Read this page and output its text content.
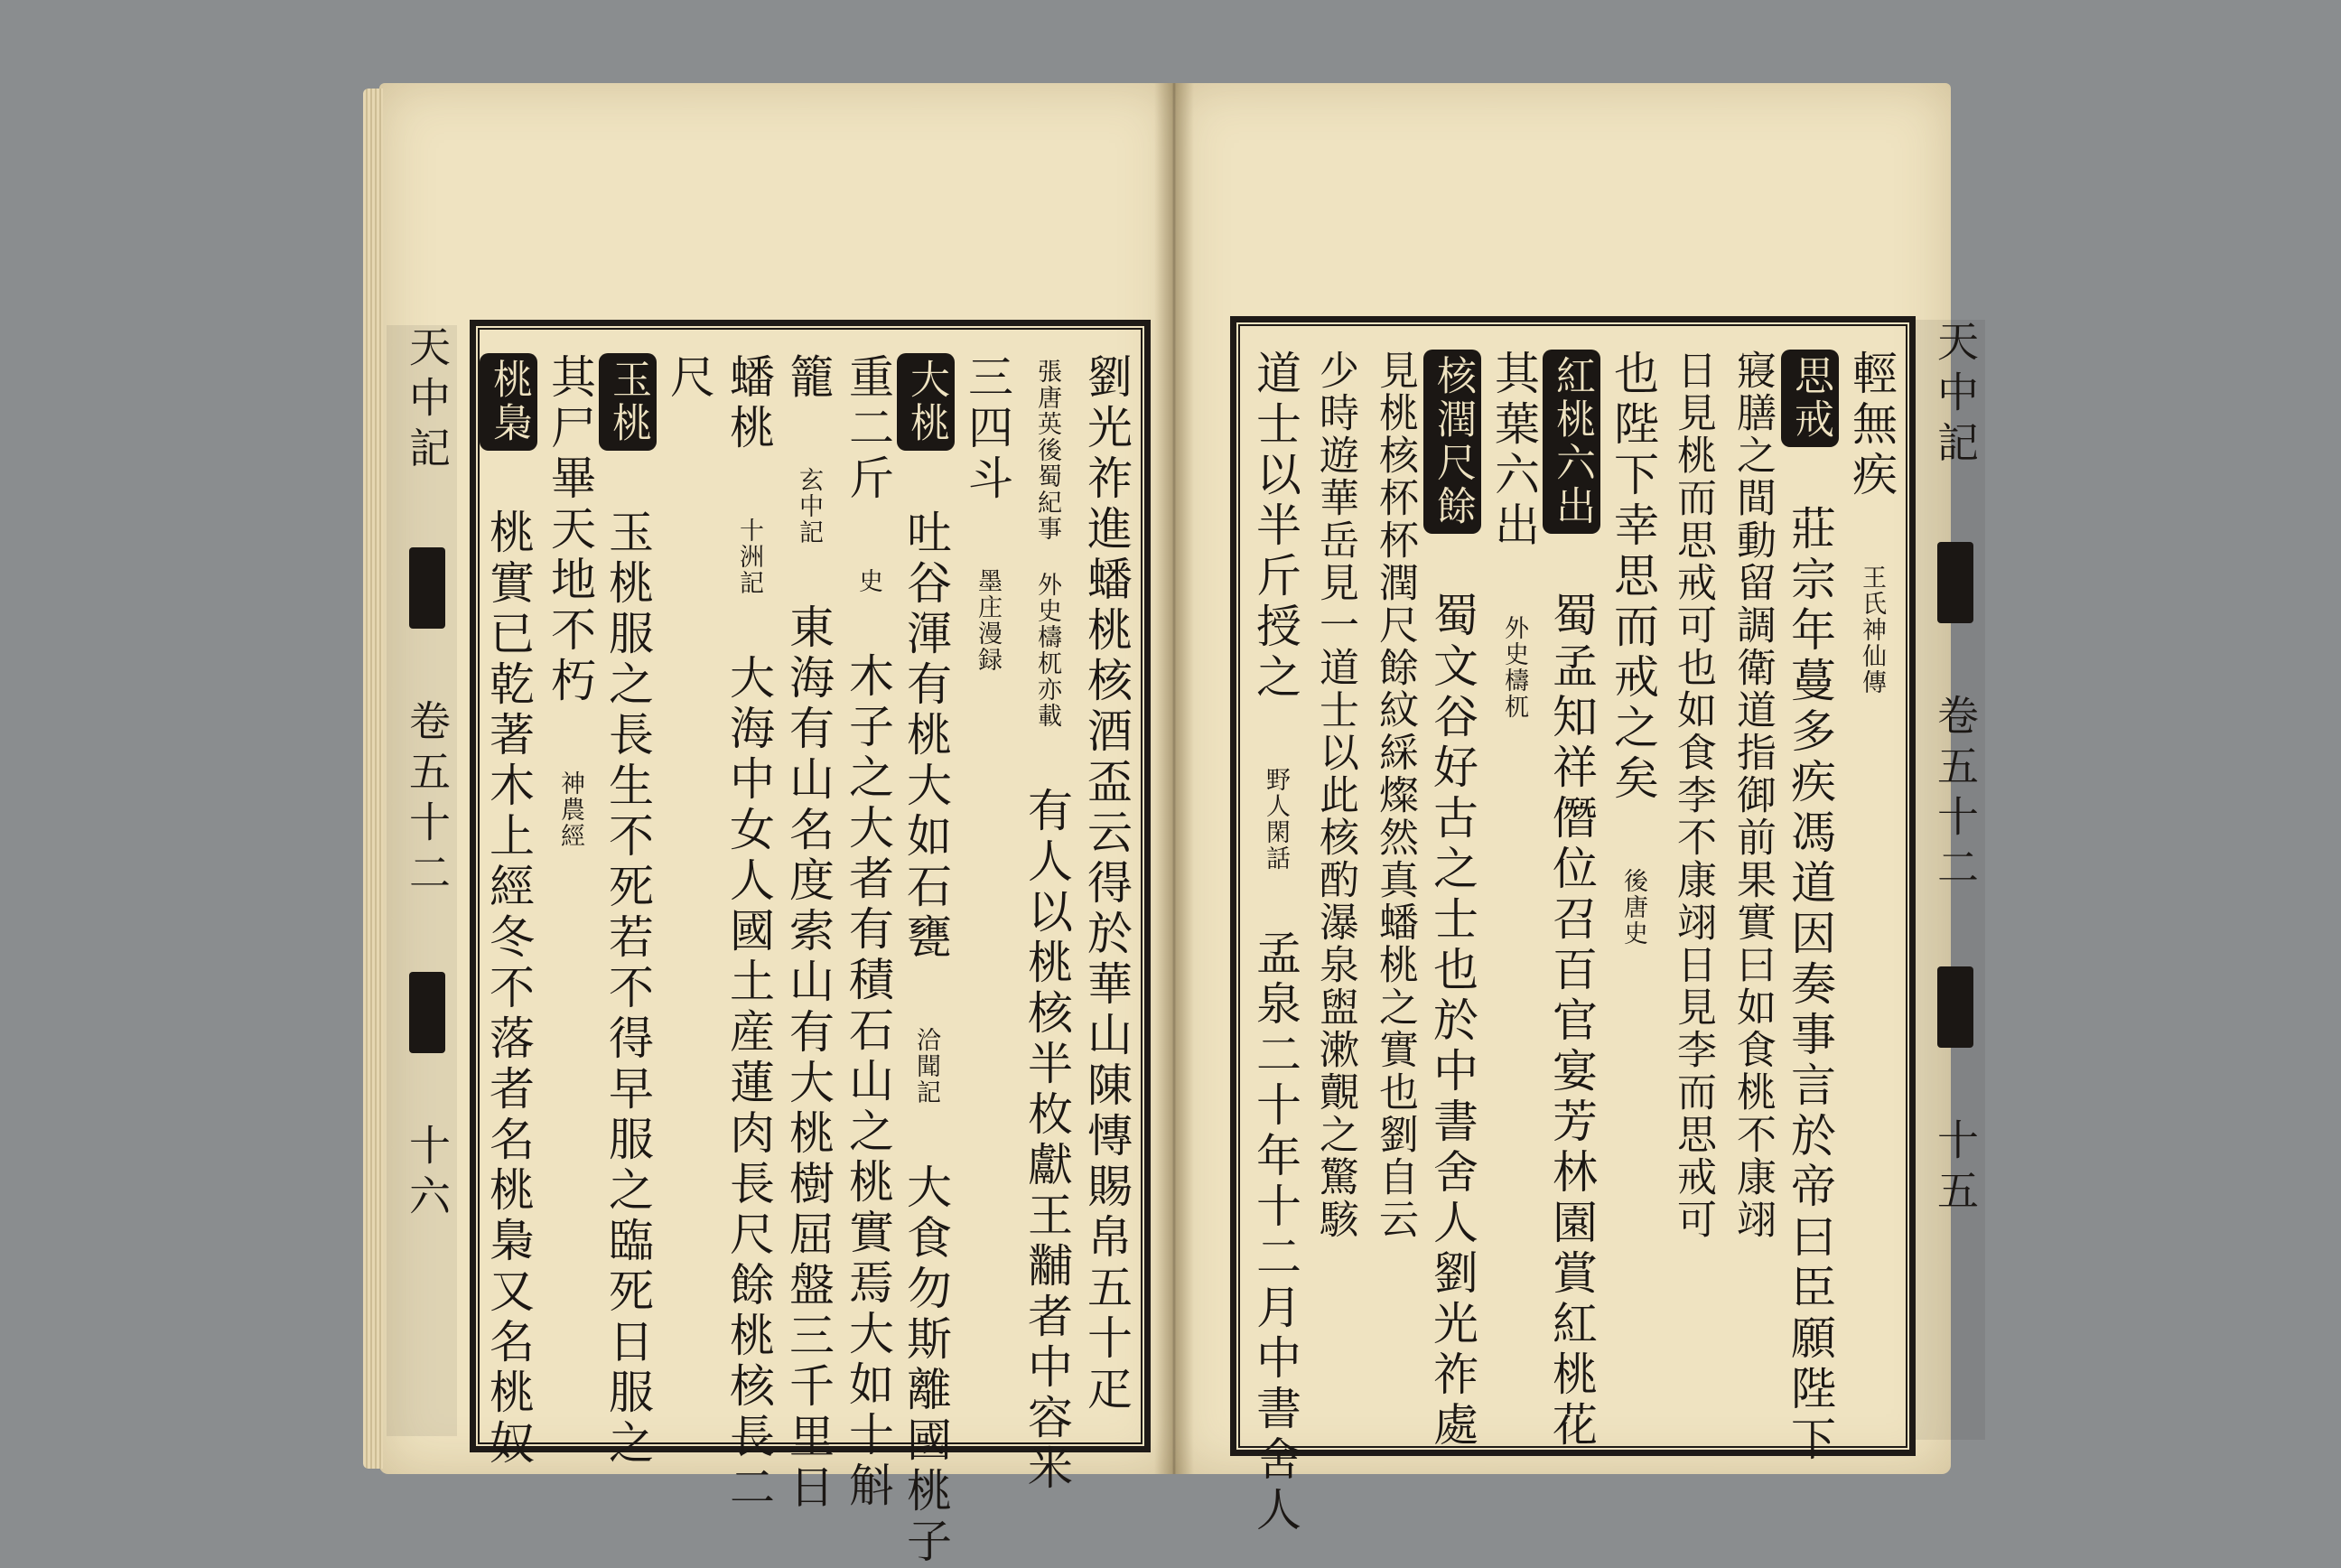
天中記  卷五十二  十六	劉光祚進蟠桃核酒盃云得於華山陳慱賜帛五十疋
張唐英後蜀紀事 外史檮杌亦載 有人以桃核半枚獻王黼者中容米
三四斗 墨庄漫録
大桃 吐谷渾有桃大如石甕 洽聞記 大食勿斯離國桃子
重二斤 史 木子之大者有積石山之桃實焉大如十斛
籠 玄中記 東海有山名度索山有大桃樹屈盤三千里日
蟠桃 十洲記 大海中女人國土産蓮肉長尺餘桃核長二
尺
玉桃 玉桃服之長生不死若不得早服之臨死日服之
其尸畢天地不朽 神農經
桃梟 桃實已乾著木上經冬不落者名桃梟又名桃奴
天中記  卷五十二  十五
輕無疾 王氏神仙傳
思戒 莊宗年蔓多疾馮道因奏事言於帝曰臣願陛下
寢膳之間動留調衛道指御前果實曰如食桃不康翊
日見桃而思戒可也如食李不康翊日見李而思戒可
也陛下幸思而戒之矣 後唐史
紅桃六出 蜀孟知祥僭位召百官宴芳林園賞紅桃花
其葉六出 外史檮杌
核潤尺餘 蜀文谷好古之士也於中書舍人劉光祚處
見桃核杯杯潤尺餘紋綵燦然真蟠桃之實也劉自云
少時遊華岳見一道士以此核酌瀑泉盥漱覿之驚駭
道士以半斤授之 野人閑話 孟泉二十年十二月中書舍人
